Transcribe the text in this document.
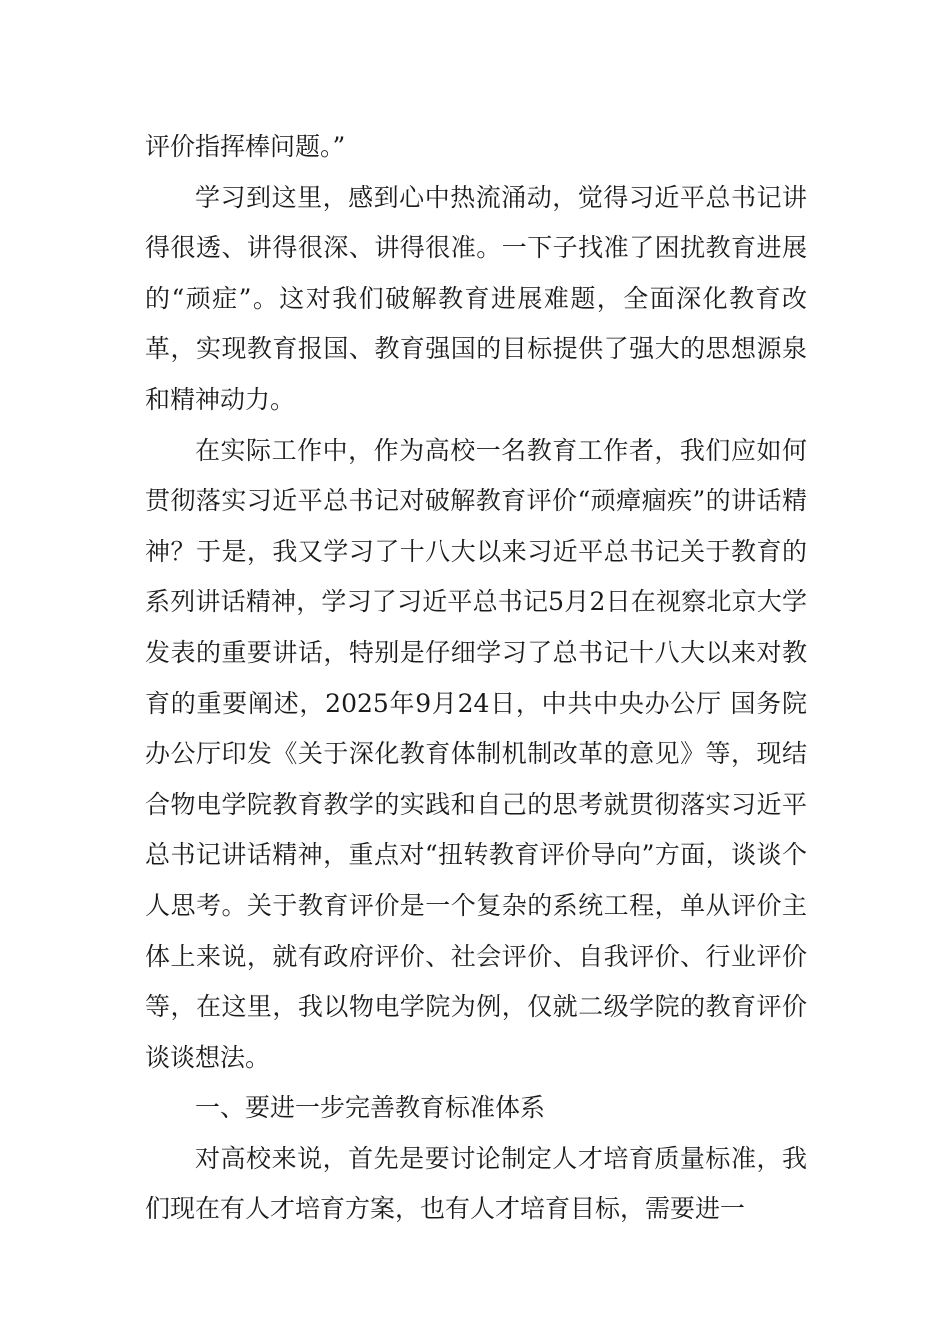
评价指挥棒问题。”

学习到这里，感到心中热流涌动，觉得习近平总书记讲得很透、讲得很深、讲得很准。一下子找准了困扰教育进展的“顽症”。这对我们破解教育进展难题，全面深化教育改革，实现教育报国、教育强国的目标提供了强大的思想源泉和精神动力。

在实际工作中，作为高校一名教育工作者，我们应如何贯彻落实习近平总书记对破解教育评价“顽瘴痼疾”的讲话精神？于是，我又学习了十八大以来习近平总书记关于教育的系列讲话精神，学习了习近平总书记5月2日在视察北京大学发表的重要讲话，特别是仔细学习了总书记十八大以来对教育的重要阐述，2025年9月24日，中共中央办公厅 国务院办公厅印发《关于深化教育体制机制改革的意见》等，现结合物电学院教育教学的实践和自己的思考就贯彻落实习近平总书记讲话精神，重点对“扭转教育评价导向”方面，谈谈个人思考。关于教育评价是一个复杂的系统工程，单从评价主体上来说，就有政府评价、社会评价、自我评价、行业评价等，在这里，我以物电学院为例，仅就二级学院的教育评价谈谈想法。

一、要进一步完善教育标准体系

对高校来说，首先是要讨论制定人才培育质量标准，我们现在有人才培育方案，也有人才培育目标，需要进一
